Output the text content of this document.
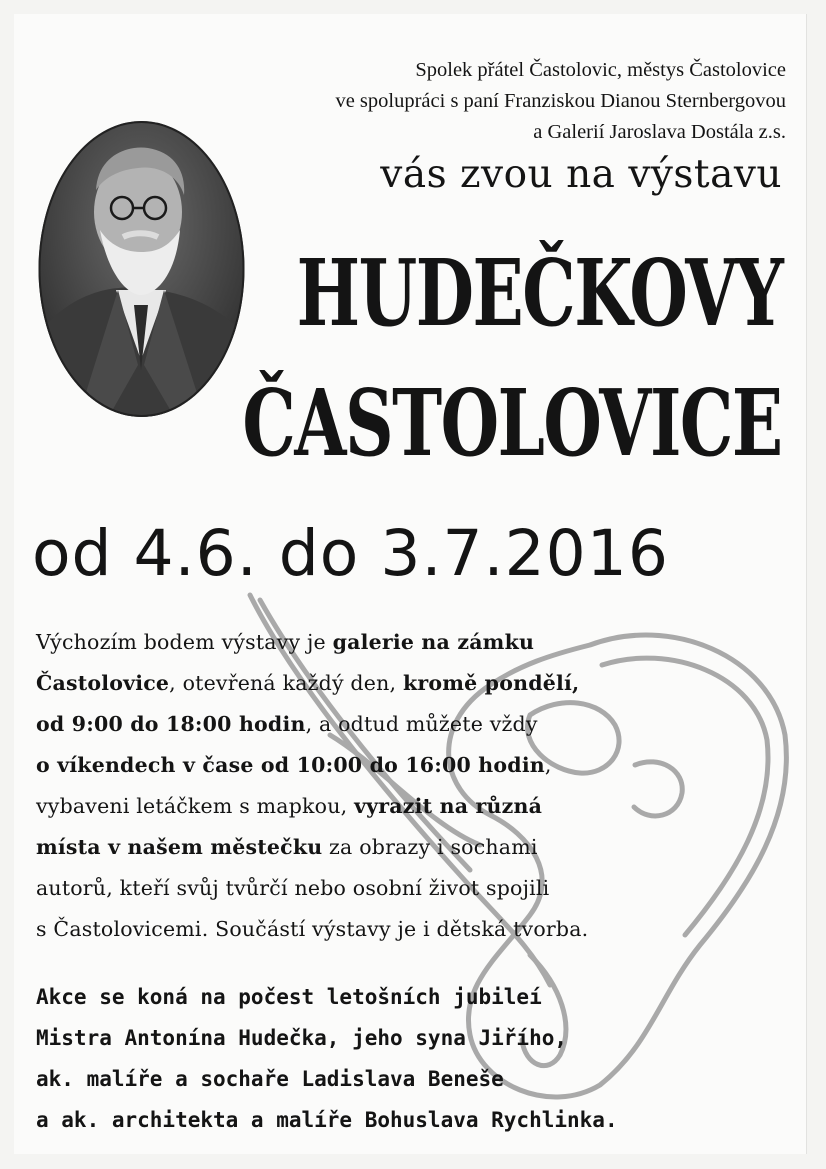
Spolek přátel Častolovic, městys Častolovice
ve spolupráci s paní Franziskou Dianou Sternbergovou
a Galerií Jaroslava Dostála z.s.
vás zvou na výstavu
HUDEČKOVY
ČASTOLOVICE
od 4.6. do 3.7.2016

Výchozím bodem výstavy je galerie na zámku

Častolovice, otevřená každý den, kromě pondělí,

od 9:00 do 18:00 hodin, a odtud můžete vždy

o víkendech v čase od 10:00 do 16:00 hodin,

vybaveni letáčkem s mapkou, vyrazit na různá

místa v našem městečku za obrazy i sochami

autorů, kteří svůj tvůrčí nebo osobní život spojili

s Častolovicemi. Součástí výstavy je i dětská tvorba.

Akce se koná na počest letošních jubileí

Mistra Antonína Hudečka, jeho syna Jiřího,

ak. malíře a sochaře Ladislava Beneše

a ak. architekta a malíře Bohuslava Rychlinka.
